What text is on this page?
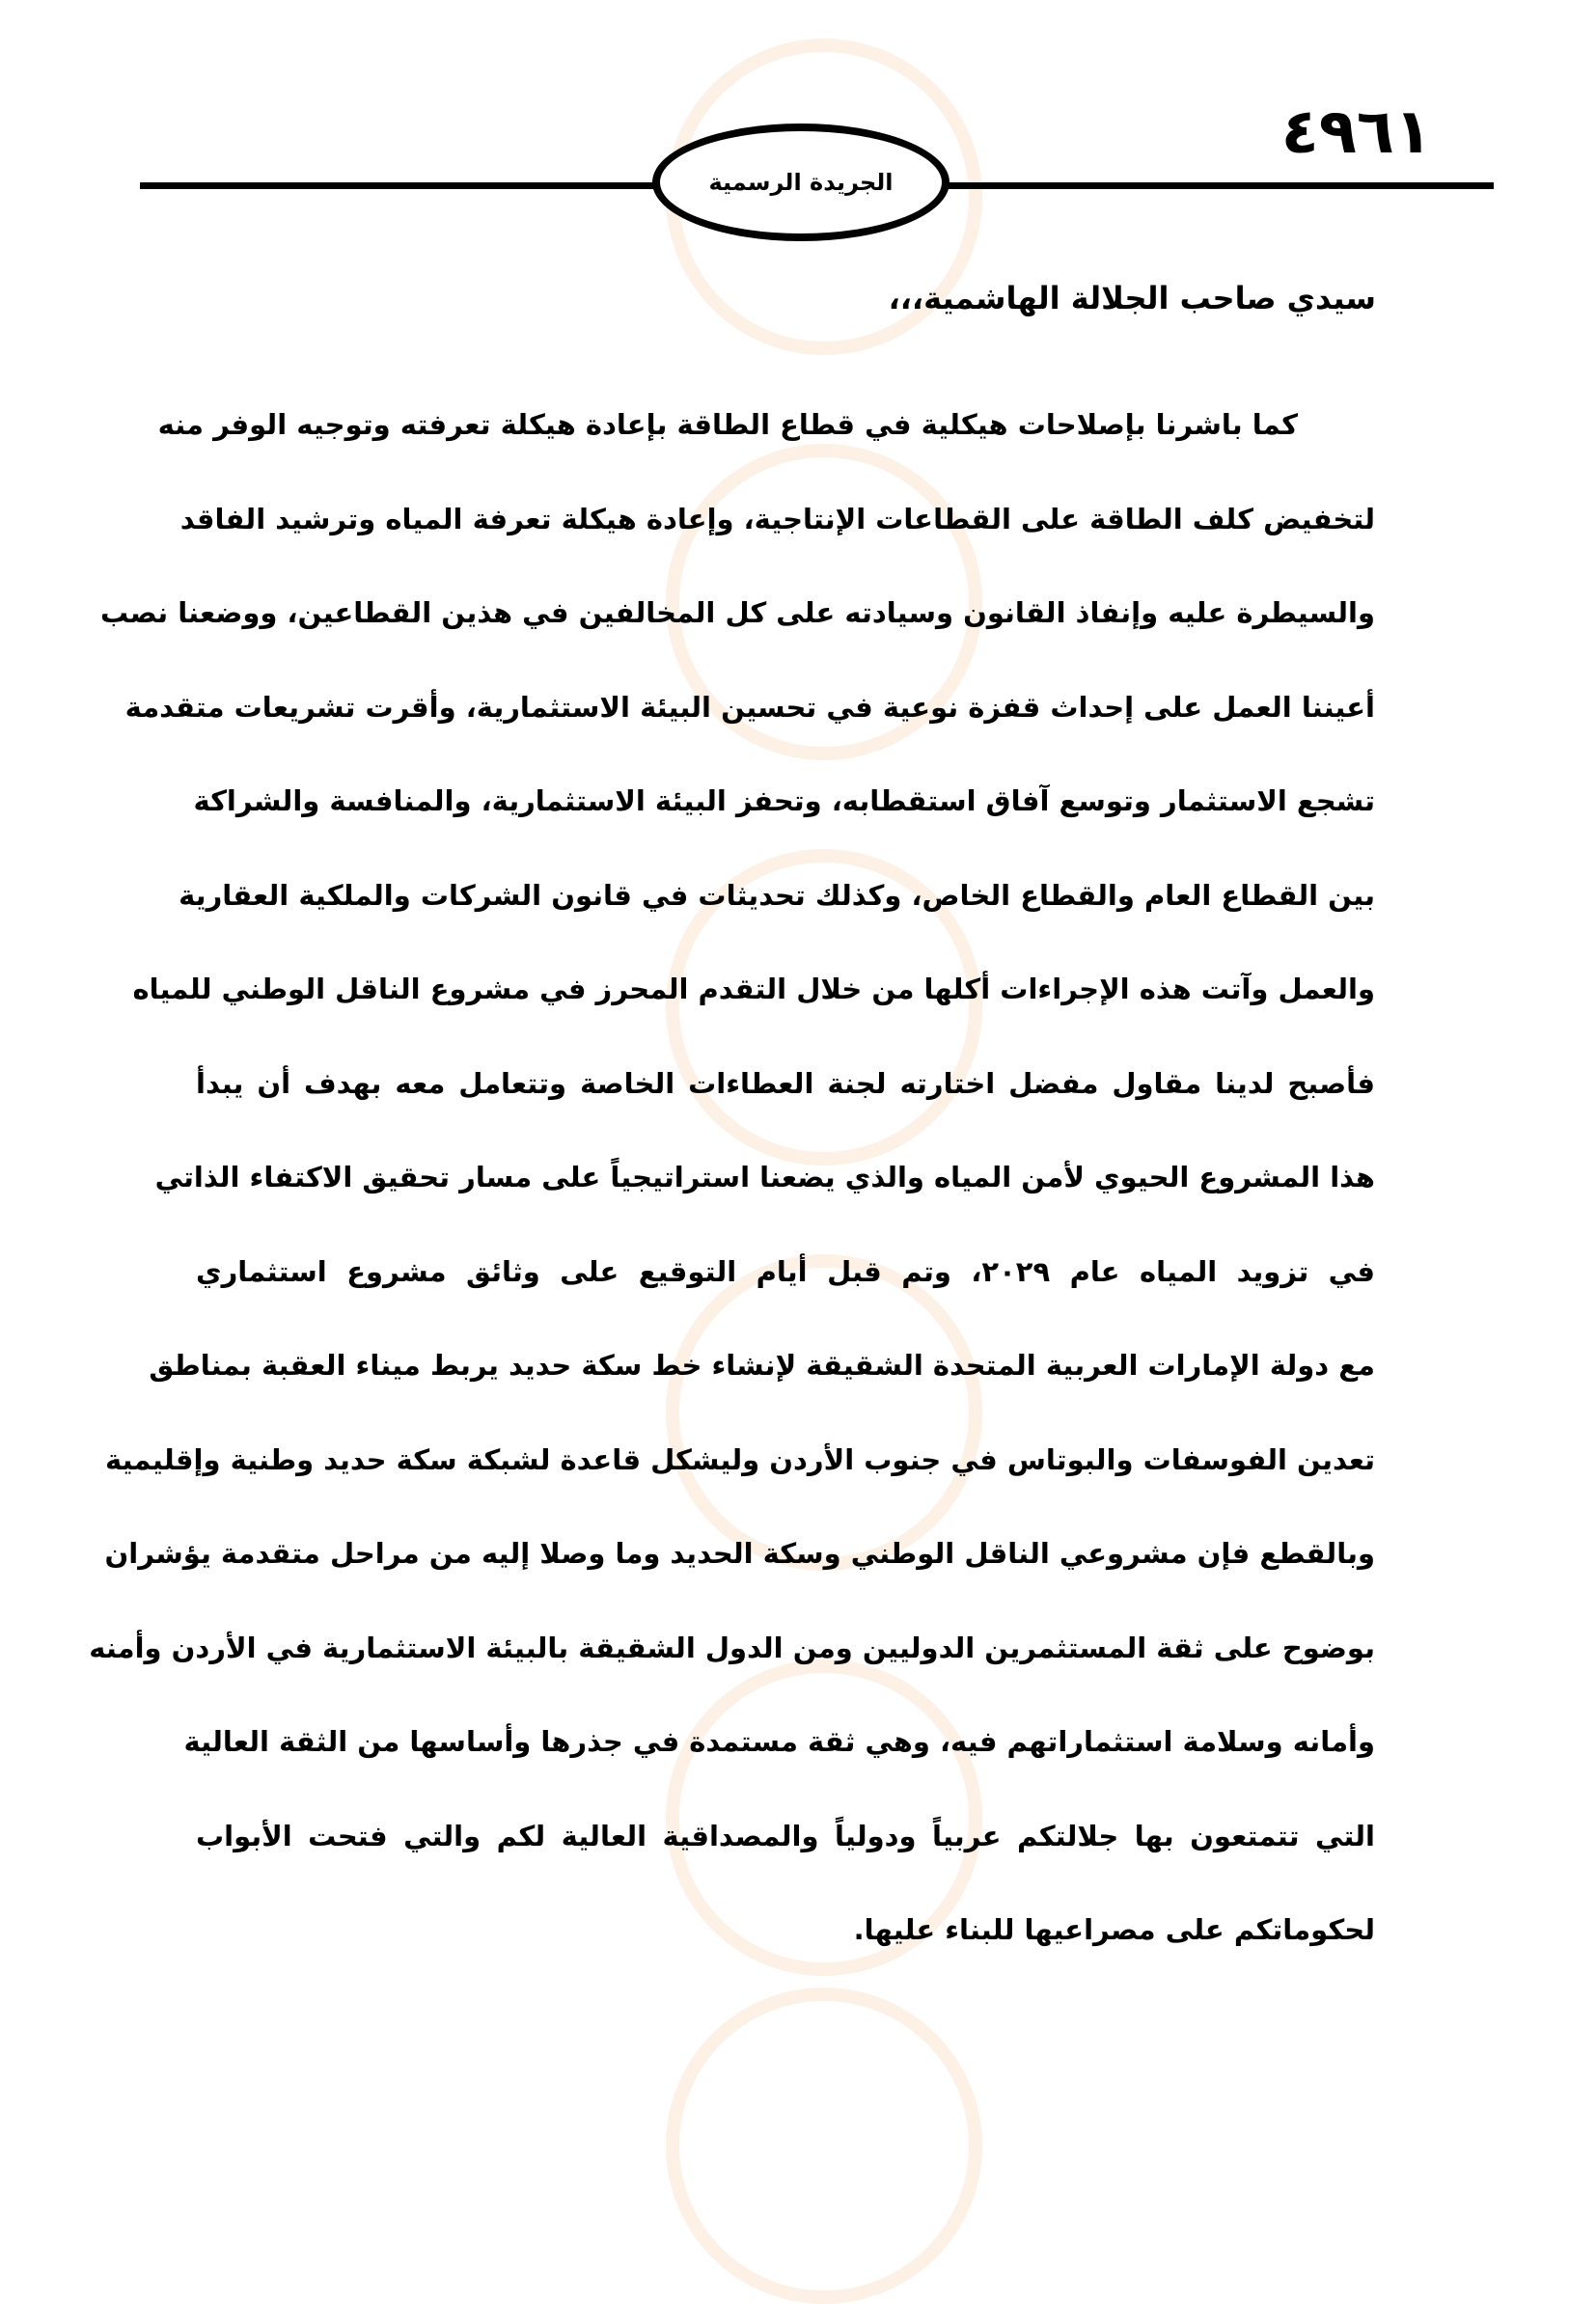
٤٩٦١
الجريدة الرسمية
سيدي صاحب الجلالة الهاشمية،،،
كما باشرنا بإصلاحات هيكلية في قطاع الطاقة بإعادة هيكلة تعرفته وتوجيه الوفر منه
لتخفيض كلف الطاقة على القطاعات الإنتاجية، وإعادة هيكلة تعرفة المياه وترشيد الفاقد
والسيطرة عليه وإنفاذ القانون وسيادته على كل المخالفين في هذين القطاعين، ووضعنا نصب
أعيننا العمل على إحداث قفزة نوعية في تحسين البيئة الاستثمارية، وأقرت تشريعات متقدمة
تشجع الاستثمار وتوسع آفاق استقطابه، وتحفز البيئة الاستثمارية، والمنافسة والشراكة
بين القطاع العام والقطاع الخاص، وكذلك تحديثات في قانون الشركات والملكية العقارية
والعمل وآتت هذه الإجراءات أكلها من خلال التقدم المحرز في مشروع الناقل الوطني للمياه
فأصبح لدينا مقاول مفضل اختارته لجنة العطاءات الخاصة وتتعامل معه بهدف أن يبدأ
هذا المشروع الحيوي لأمن المياه والذي يضعنا استراتيجياً على مسار تحقيق الاكتفاء الذاتي
في تزويد المياه عام ٢٠٢٩، وتم قبل أيام التوقيع على وثائق مشروع استثماري
مع دولة الإمارات العربية المتحدة الشقيقة لإنشاء خط سكة حديد يربط ميناء العقبة بمناطق
تعدين الفوسفات والبوتاس في جنوب الأردن وليشكل قاعدة لشبكة سكة حديد وطنية وإقليمية
وبالقطع فإن مشروعي الناقل الوطني وسكة الحديد وما وصلا إليه من مراحل متقدمة يؤشران
بوضوح على ثقة المستثمرين الدوليين ومن الدول الشقيقة بالبيئة الاستثمارية في الأردن وأمنه
وأمانه وسلامة استثماراتهم فيه، وهي ثقة مستمدة في جذرها وأساسها من الثقة العالية
التي تتمتعون بها جلالتكم عربياً ودولياً والمصداقية العالية لكم والتي فتحت الأبواب
لحكوماتكم على مصراعيها للبناء عليها.
